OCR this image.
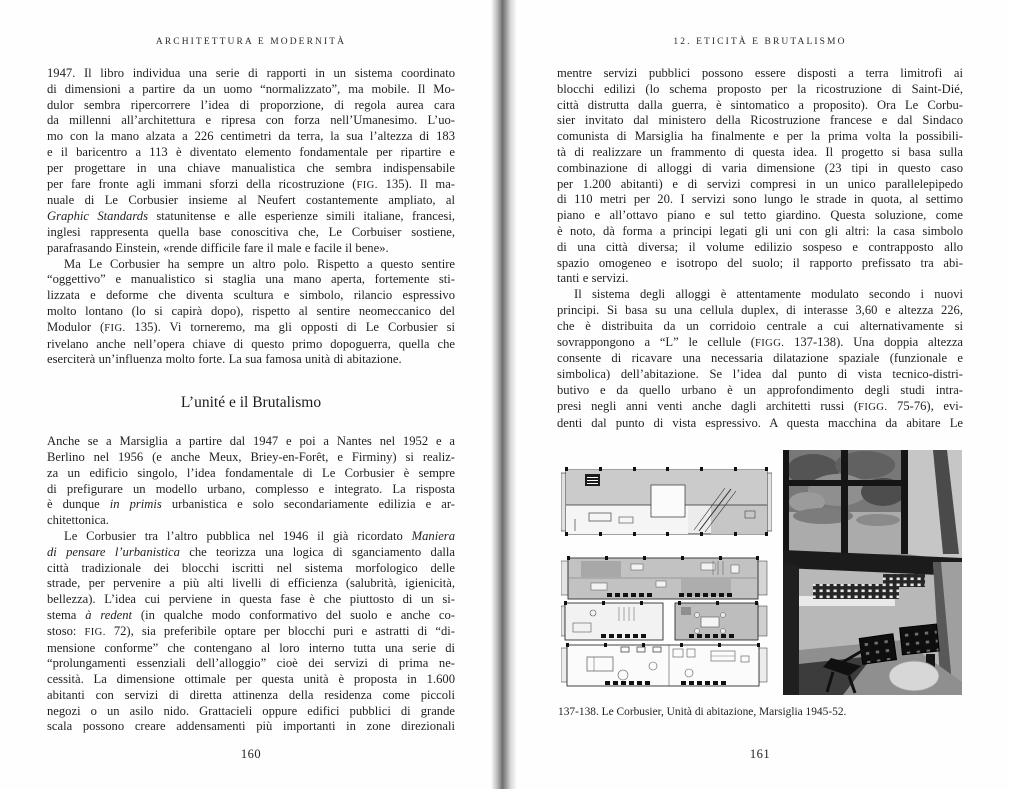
ARCHITETTURA E MODERNITÀ
1947. Il libro individua una serie di rapporti in un sistema coordinato
di dimensioni a partire da un uomo “normalizzato”, ma mobile. Il Mo-
dulor sembra ripercorrere l’idea di proporzione, di regola aurea cara
da millenni all’architettura e ripresa con forza nell’Umanesimo. L’uo-
mo con la mano alzata a 226 centimetri da terra, la sua l’altezza di 183
e il baricentro a 113 è diventato elemento fondamentale per ripartire e
per progettare in una chiave manualistica che sembra indispensabile
per fare fronte agli immani sforzi della ricostruzione (FIG. 135). Il ma-
nuale di Le Corbusier insieme al Neufert costantemente ampliato, al
Graphic Standards statunitense e alle esperienze simili italiane, francesi,
inglesi rappresenta quella base conoscitiva che, Le Corbuiser sostiene,
parafrasando Einstein, «rende difficile fare il male e facile il bene».
Ma Le Corbusier ha sempre un altro polo. Rispetto a questo sentire
“oggettivo” e manualistico si staglia una mano aperta, fortemente sti-
lizzata e deforme che diventa scultura e simbolo, rilancio espressivo
molto lontano (lo si capirà dopo), rispetto al sentire neomeccanico del
Modulor (FIG. 135). Vi torneremo, ma gli opposti di Le Corbusier si
rivelano anche nell’opera chiave di questo primo dopoguerra, quella che
eserciterà un’influenza molto forte. La sua famosa unità di abitazione.
L’unité e il Brutalismo
Anche se a Marsiglia a partire dal 1947 e poi a Nantes nel 1952 e a
Berlino nel 1956 (e anche Meux, Briey-en-Forêt, e Firminy) si realiz-
za un edificio singolo, l’idea fondamentale di Le Corbusier è sempre
di prefigurare un modello urbano, complesso e integrato. La risposta
è dunque in primis urbanistica e solo secondariamente edilizia e ar-
chitettonica.
Le Corbusier tra l’altro pubblica nel 1946 il già ricordato Maniera
di pensare l’urbanistica che teorizza una logica di sganciamento dalla
città tradizionale dei blocchi iscritti nel sistema morfologico delle
strade, per pervenire a più alti livelli di efficienza (salubrità, igienicità,
bellezza). L’idea cui perviene in questa fase è che piuttosto di un si-
stema à redent (in qualche modo conformativo del suolo e anche co-
stoso: FIG. 72), sia preferibile optare per blocchi puri e astratti di “di-
mensione conforme” che contengano al loro interno tutta una serie di
“prolungamenti essenziali dell’alloggio” cioè dei servizi di prima ne-
cessità. La dimensione ottimale per questa unità è proposta in 1.600
abitanti con servizi di diretta attinenza della residenza come piccoli
negozi o un asilo nido. Grattacieli oppure edifici pubblici di grande
scala possono creare addensamenti più importanti in zone direzionali
160
12. ETICITÀ E BRUTALISMO
mentre servizi pubblici possono essere disposti a terra limitrofi ai
blocchi edilizi (lo schema proposto per la ricostruzione di Saint-Dié,
città distrutta dalla guerra, è sintomatico a proposito). Ora Le Corbu-
sier invitato dal ministero della Ricostruzione francese e dal Sindaco
comunista di Marsiglia ha finalmente e per la prima volta la possibili-
tà di realizzare un frammento di questa idea. Il progetto si basa sulla
combinazione di alloggi di varia dimensione (23 tipi in questo caso
per 1.200 abitanti) e di servizi compresi in un unico parallelepipedo
di 110 metri per 20. I servizi sono lungo le strade in quota, al settimo
piano e all’ottavo piano e sul tetto giardino. Questa soluzione, come
è noto, dà forma a principi legati gli uni con gli altri: la casa simbolo
di una città diversa; il volume edilizio sospeso e contrapposto allo
spazio omogeneo e isotropo del suolo; il rapporto prefissato tra abi-
tanti e servizi.
Il sistema degli alloggi è attentamente modulato secondo i nuovi
principi. Si basa su una cellula duplex, di interasse 3,60 e altezza 226,
che è distribuita da un corridoio centrale a cui alternativamente si
sovrappongono a “L” le cellule (FIGG. 137-138). Una doppia altezza
consente di ricavare una necessaria dilatazione spaziale (funzionale e
simbolica) dell’abitazione. Se l’idea dal punto di vista tecnico-distri-
butivo e da quello urbano è un approfondimento degli studi intra-
presi negli anni venti anche dagli architetti russi (FIGG. 75-76), evi-
denti dal punto di vista espressivo. A questa macchina da abitare Le
137-138. Le Corbusier, Unità di abitazione, Marsiglia 1945-52.
161
